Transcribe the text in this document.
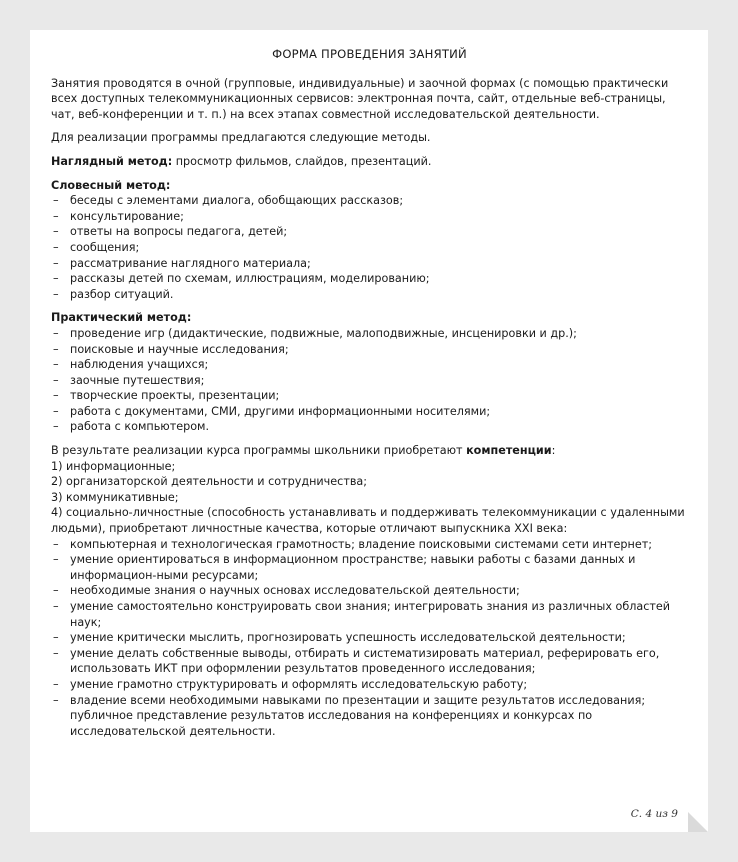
ФОРМА ПРОВЕДЕНИЯ ЗАНЯТИЙ

Занятия проводятся в очной (групповые, индивидуальные) и заочной формах (с помощью практически всех доступных телекоммуникационных сервисов: электронная почта, сайт, отдельные веб-страницы, чат, веб-конференции и т. п.) на всех этапах совместной исследовательской деятельности.

Для реализации программы предлагаются следующие методы.

Наглядный метод: просмотр фильмов, слайдов, презентаций.

Словесный метод:
– беседы с элементами диалога, обобщающих рассказов;
– консультирование;
– ответы на вопросы педагога, детей;
– сообщения;
– рассматривание наглядного материала;
– рассказы детей по схемам, иллюстрациям, моделированию;
– разбор ситуаций.
Практический метод:
– проведение игр (дидактические, подвижные, малоподвижные, инсценировки и др.);
– поисковые и научные исследования;
– наблюдения учащихся;
– заочные путешествия;
– творческие проекты, презентации;
– работа с документами, СМИ, другими информационными носителями;
– работа с компьютером.
В результате реализации курса программы школьники приобретают компетенции:
1) информационные;
2) организаторской деятельности и сотрудничества;
3) коммуникативные;
4) социально-личностные (способность устанавливать и поддерживать телекоммуникации с удаленными людьми), приобретают личностные качества, которые отличают выпускника XXI века:
– компьютерная и технологическая грамотность; владение поисковыми системами сети интернет;
– умение ориентироваться в информационном пространстве; навыки работы с базами данных и информацион-ными ресурсами;
– необходимые знания о научных основах исследовательской деятельности;
– умение самостоятельно конструировать свои знания; интегрировать знания из различных областей наук;
– умение критически мыслить, прогнозировать успешность исследовательской деятельности;
– умение делать собственные выводы, отбирать и систематизировать материал, реферировать его, использовать ИКТ при оформлении результатов проведенного исследования;
– умение грамотно структурировать и оформлять исследовательскую работу;
– владение всеми необходимыми навыками по презентации и защите результатов исследования; публичное представление результатов исследования на конференциях и конкурсах по исследовательской деятельности.
С. 4 из 9
